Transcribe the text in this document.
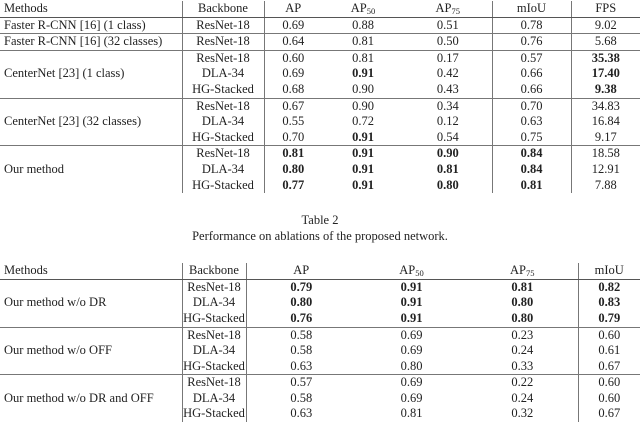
Methods	Backbone	AP	$AP_{50}$	$AP_{75}$	mIoU	FPS
Faster R-CNN [16] (1 class)	ResNet-18	0.69	0.88	0.51	0.78	9.02
Faster R-CNN [16] (32 classes)	ResNet-18	0.64	0.81	0.50	0.76	5.68
CenterNet [23] (1 class)	ResNet-18	0.60	0.81	0.17	0.57	35.38
	DLA-34	0.69	0.91	0.42	0.66	17.40
	HG-Stacked	0.68	0.90	0.43	0.66	9.38
CenterNet [23] (32 classes)	ResNet-18	0.67	0.90	0.34	0.70	34.83
	DLA-34	0.55	0.72	0.12	0.63	16.84
	HG-Stacked	0.70	0.91	0.54	0.75	9.17
Our method	ResNet-18	0.81	0.91	0.90	0.84	18.58
	DLA-34	0.80	0.91	0.81	0.84	12.91
	HG-Stacked	0.77	0.91	0.80	0.81	7.88
Table 2
Performance on ablations of the proposed network.
Methods	Backbone	AP	$AP_{50}$	$AP_{75}$	mIoU
Our method w/o DR	ResNet-18	0.79	0.91	0.81	0.82
	DLA-34	0.80	0.91	0.80	0.83
	HG-Stacked	0.76	0.91	0.80	0.79
Our method w/o OFF	ResNet-18	0.58	0.69	0.23	0.60
	DLA-34	0.58	0.69	0.24	0.61
	HG-Stacked	0.63	0.80	0.33	0.67
Our method w/o DR and OFF	ResNet-18	0.57	0.69	0.22	0.60
	DLA-34	0.58	0.69	0.24	0.60
	HG-Stacked	0.63	0.81	0.32	0.67
